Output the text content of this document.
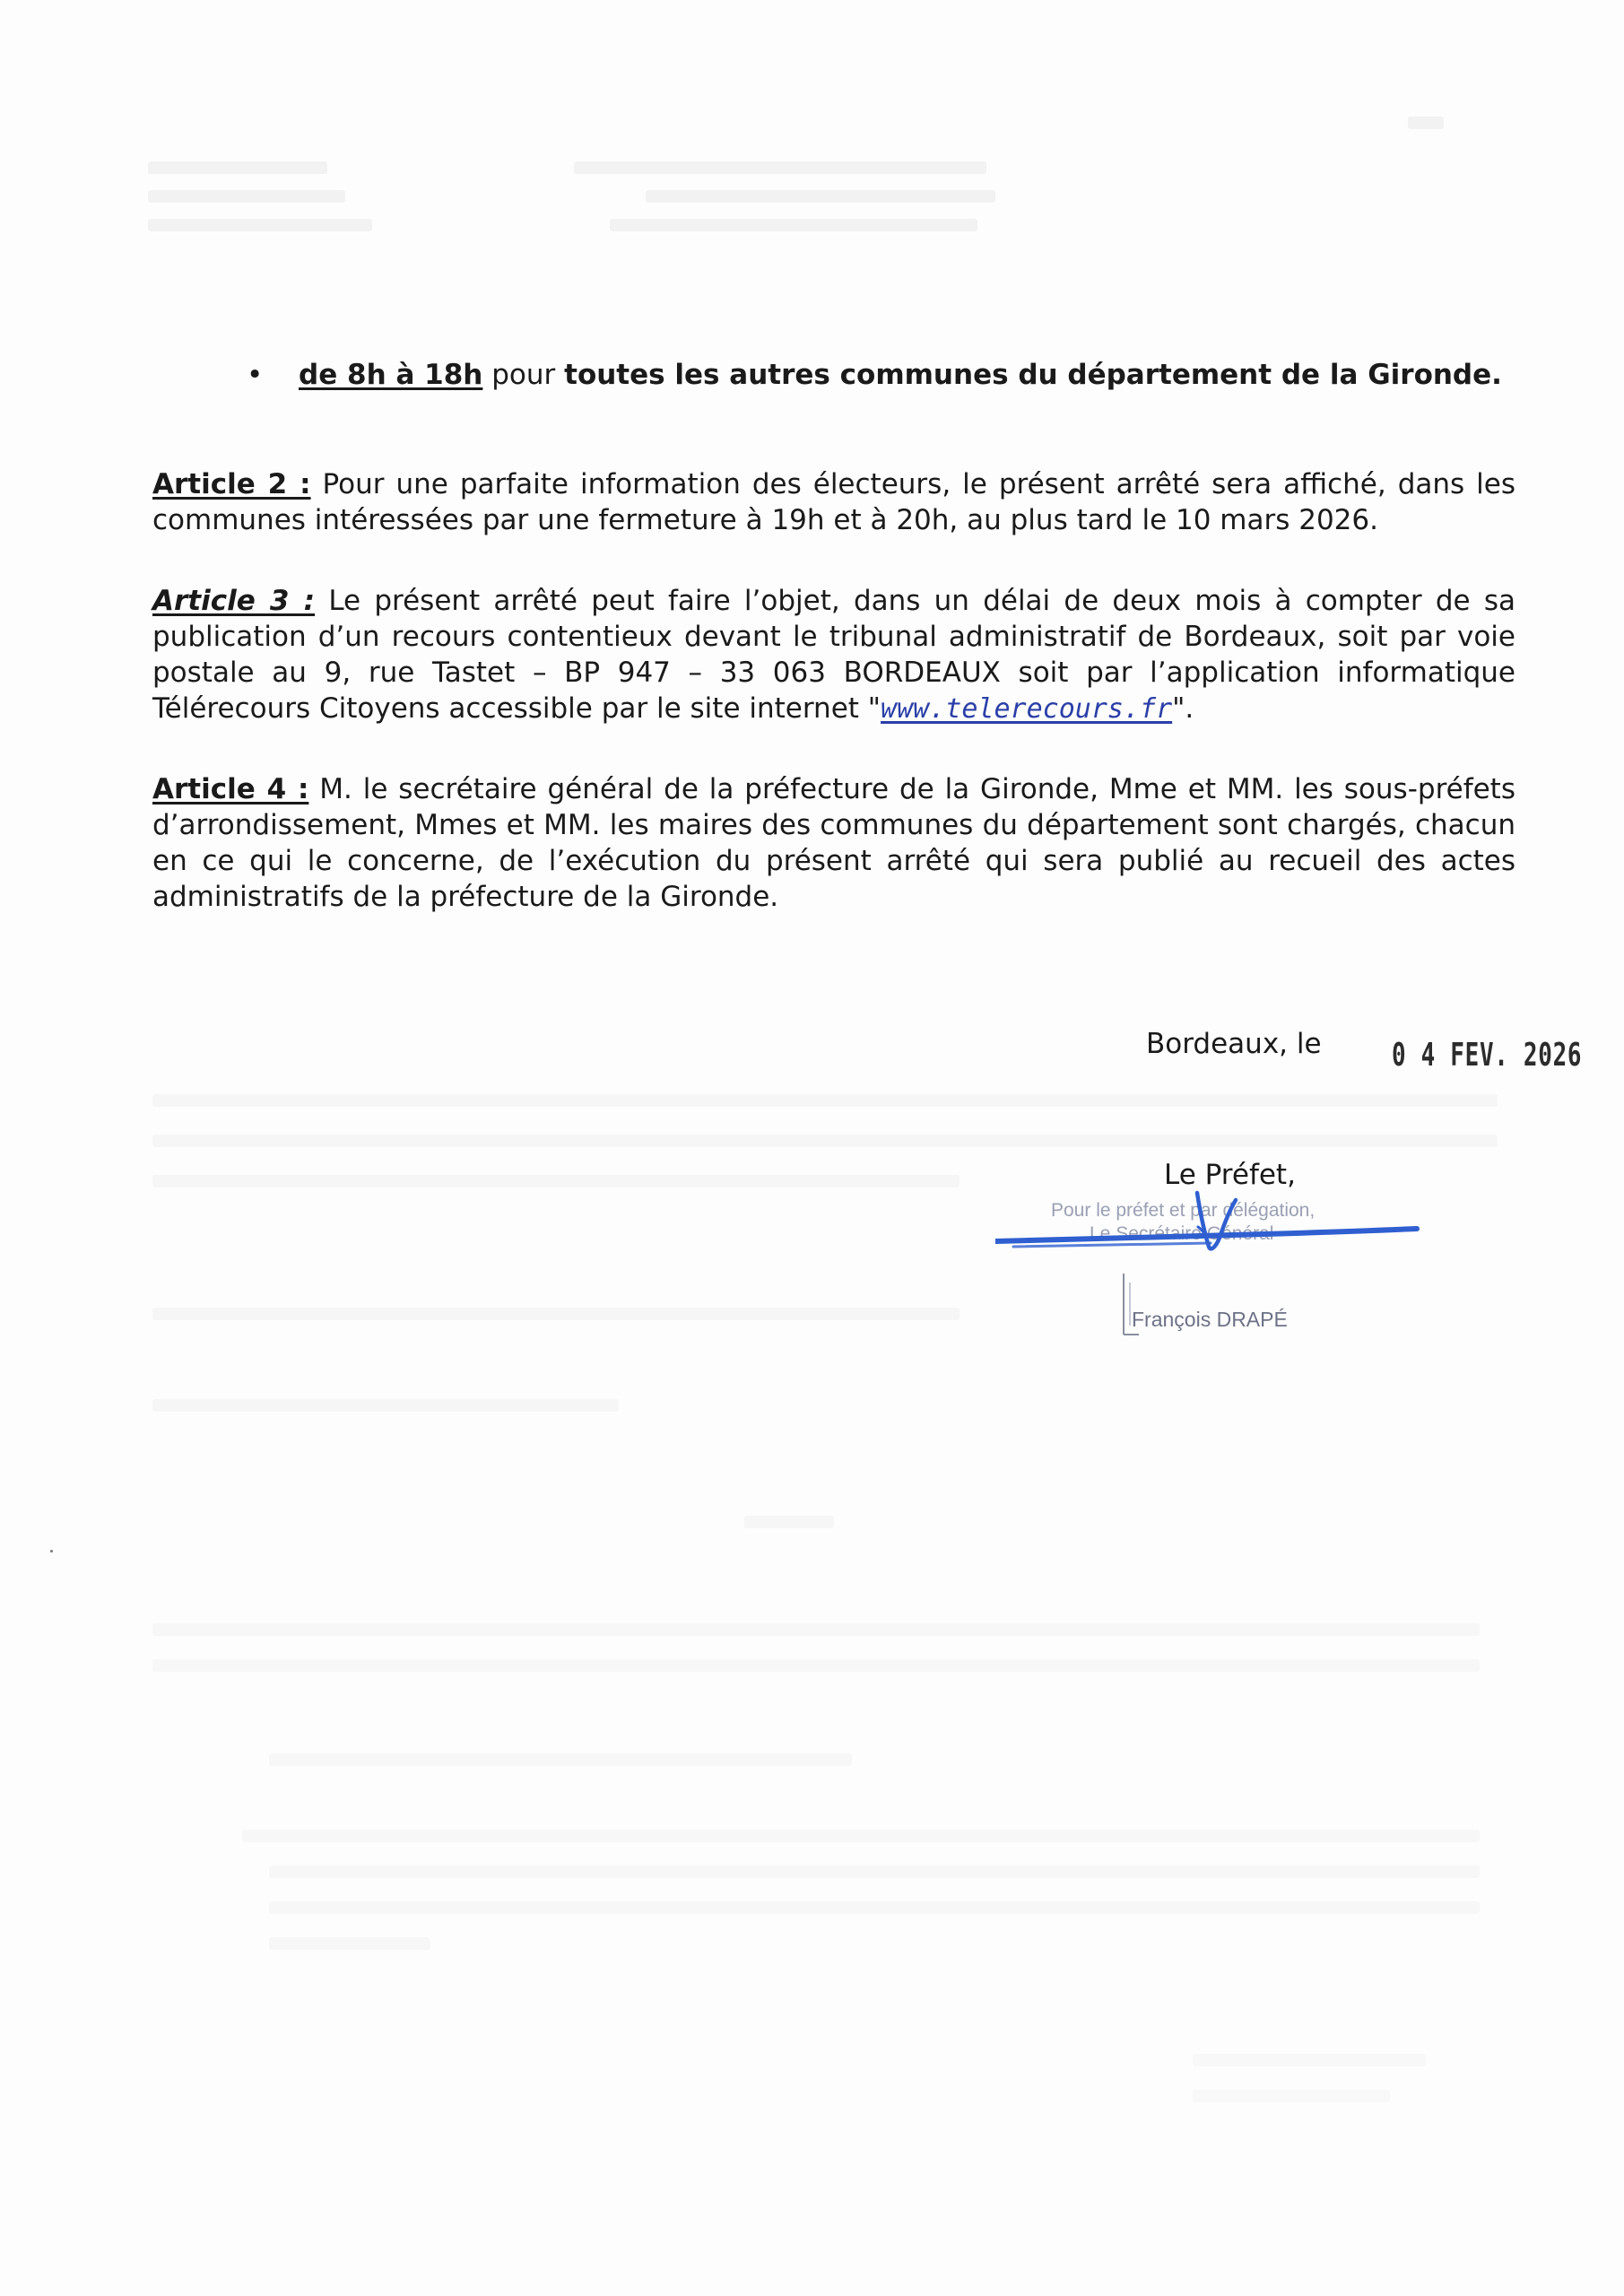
• de 8h à 18h pour toutes les autres communes du département de la Gironde.
Article 2 : Pour une parfaite information des électeurs, le présent arrêté sera affiché, dans les communes intéressées par une fermeture à 19h et à 20h, au plus tard le 10 mars 2026.
Article 3 : Le présent arrêté peut faire l’objet, dans un délai de deux mois à compter de sa publication d’un recours contentieux devant le tribunal administratif de Bordeaux, soit par voie postale au 9, rue Tastet – BP 947 – 33 063 BORDEAUX soit par l’application informatique Télérecours Citoyens accessible par le site internet "www.telerecours.fr".
Article 4 : M. le secrétaire général de la préfecture de la Gironde, Mme et MM. les sous-préfets d’arrondissement, Mmes et MM. les maires des communes du département sont chargés, chacun en ce qui le concerne, de l’exécution du présent arrêté qui sera publié au recueil des actes administratifs de la préfecture de la Gironde.
Bordeaux, le 0 4 FEV. 2026
Le Préfet,
Pour le préfet et par délégation,
Le Secrétaire Général
François DRAPÉ
